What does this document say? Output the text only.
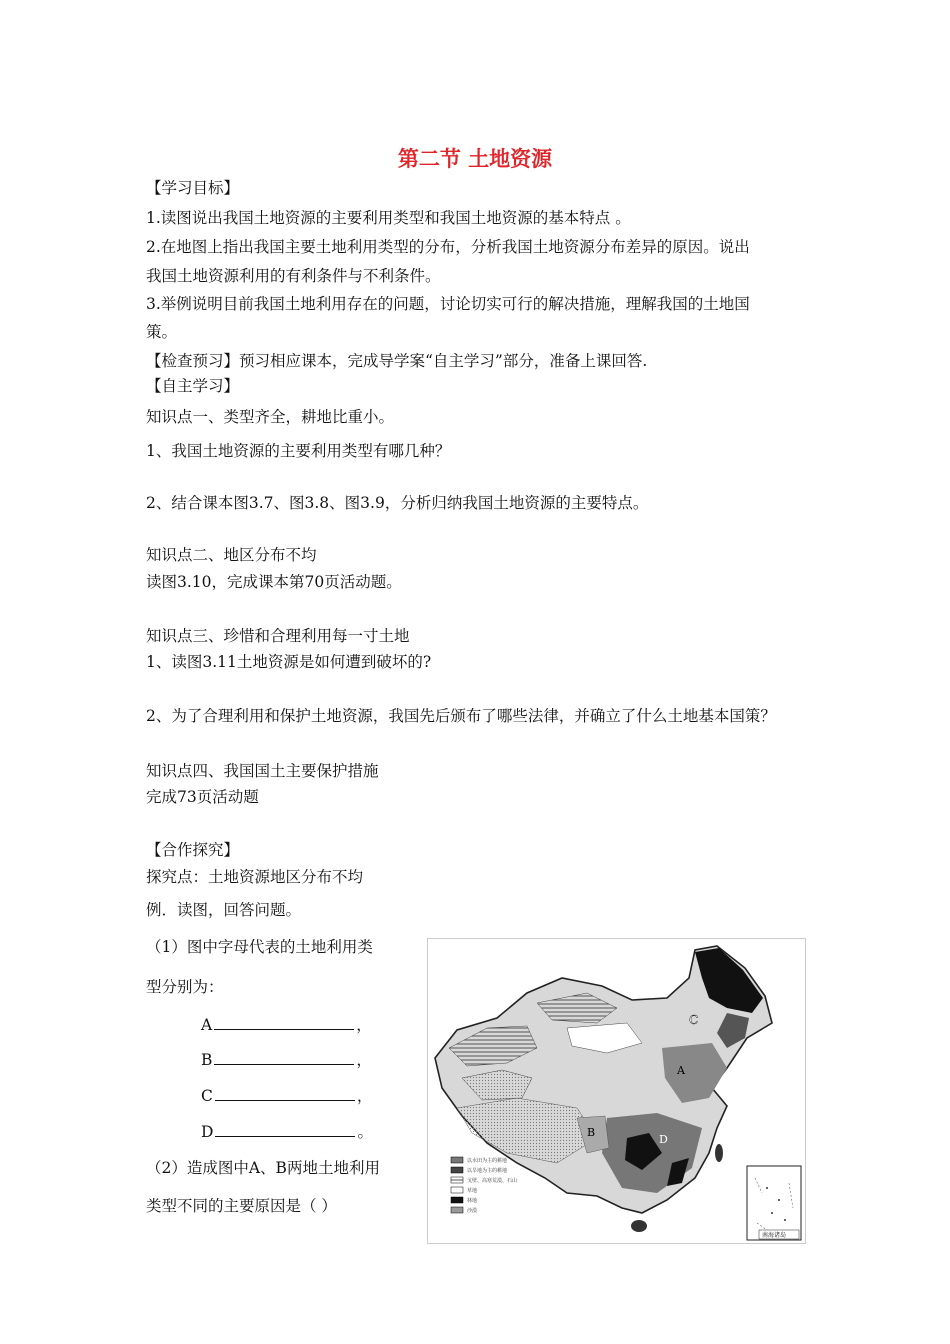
第二节 土地资源
【学习目标】
1.读图说出我国土地资源的主要利用类型和我国土地资源的基本特点 。
2.在地图上指出我国主要土地利用类型的分布，分析我国土地资源分布差异的原因。说出
我国土地资源利用的有利条件与不利条件。
3.举例说明目前我国土地利用存在的问题，讨论切实可行的解决措施，理解我国的土地国
策。
【检查预习】预习相应课本，完成导学案“自主学习”部分，准备上课回答.
【自主学习】
知识点一、类型齐全，耕地比重小。
1、我国土地资源的主要利用类型有哪几种？
2、结合课本图3.7、图3.8、图3.9，分析归纳我国土地资源的主要特点。
知识点二、地区分布不均
读图3.10，完成课本第70页活动题。
知识点三、珍惜和合理利用每一寸土地
1、读图3.11土地资源是如何遭到破坏的?
2、为了合理利用和保护土地资源，我国先后颁布了哪些法律，并确立了什么土地基本国策？
知识点四、我国国土主要保护措施
完成73页活动题
【合作探究】
探究点：土地资源地区分布不均
例．读图，回答问题。
（1）图中字母代表的土地利用类
型分别为：
A	，
B	，
C	，
D	。
（2）造成图中A、B两地土地利用
类型不同的主要原因是（ ）
C
A
D
B
以水田为主的耕地
以旱地为主的耕地
戈壁、高寒荒漠、石山
草地
林地
沙漠
南海诸岛
